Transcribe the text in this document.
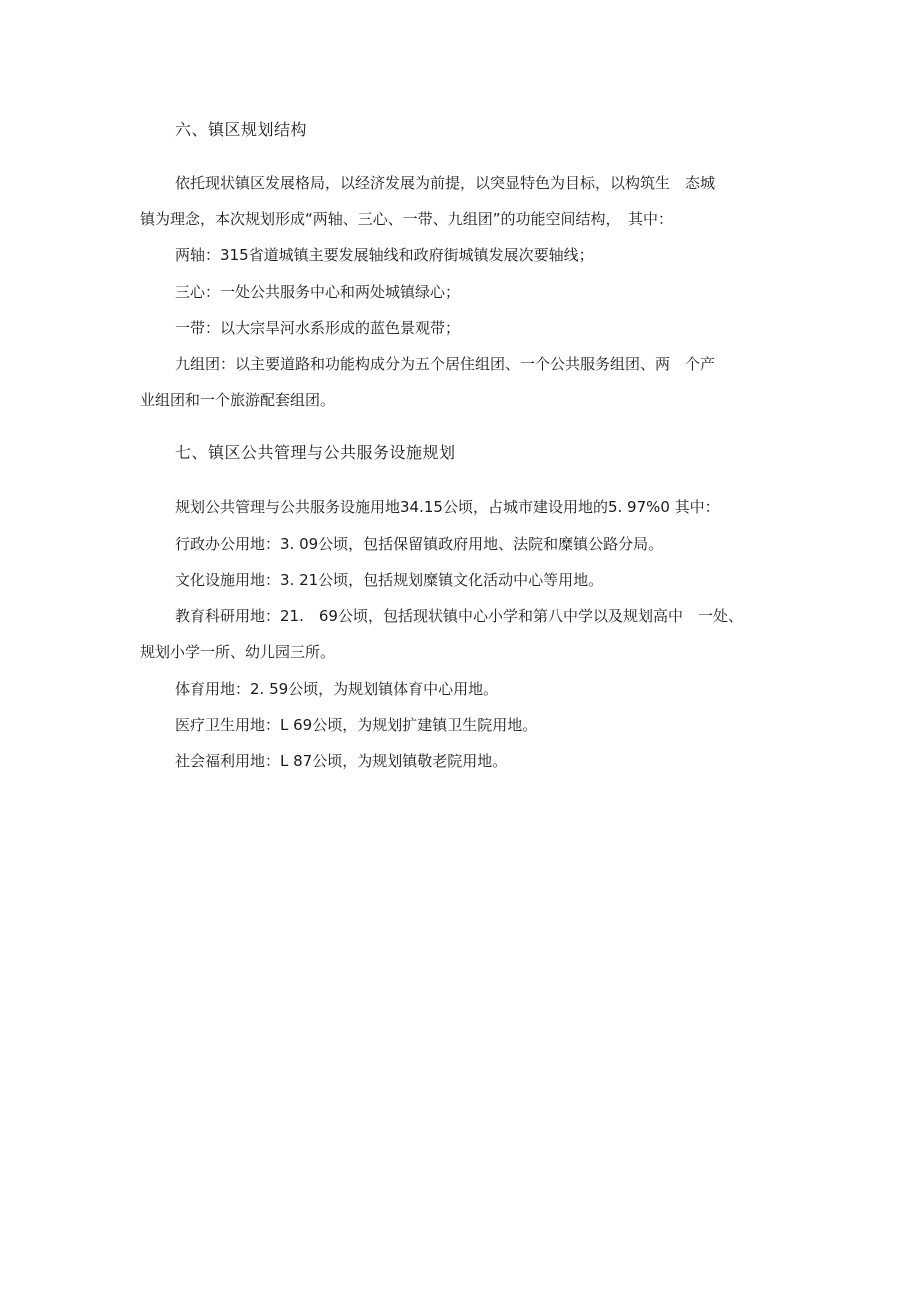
六、镇区规划结构
依托现状镇区发展格局，以经济发展为前提，以突显特色为目标，以构筑生　态城
镇为理念，本次规划形成“两轴、三心、一带、九组团”的功能空间结构，　其中：
两轴：315省道城镇主要发展轴线和政府街城镇发展次要轴线；
三心：一处公共服务中心和两处城镇绿心；
一带：以大宗旱河水系形成的蓝色景观带；
九组团：以主要道路和功能构成分为五个居住组团、一个公共服务组团、两　个产
业组团和一个旅游配套组团。
七、镇区公共管理与公共服务设施规划
规划公共管理与公共服务设施用地34.15公顷，占城市建设用地的5. 97%0 其中：
行政办公用地：3. 09公顷，包括保留镇政府用地、法院和糜镇公路分局。
文化设施用地：3. 21公顷，包括规划糜镇文化活动中心等用地。
教育科研用地：21.　69公顷，包括现状镇中心小学和第八中学以及规划高中　一处、
规划小学一所、幼儿园三所。
体育用地：2. 59公顷，为规划镇体育中心用地。
医疗卫生用地：L 69公顷，为规划扩建镇卫生院用地。
社会福利用地：L 87公顷，为规划镇敬老院用地。
